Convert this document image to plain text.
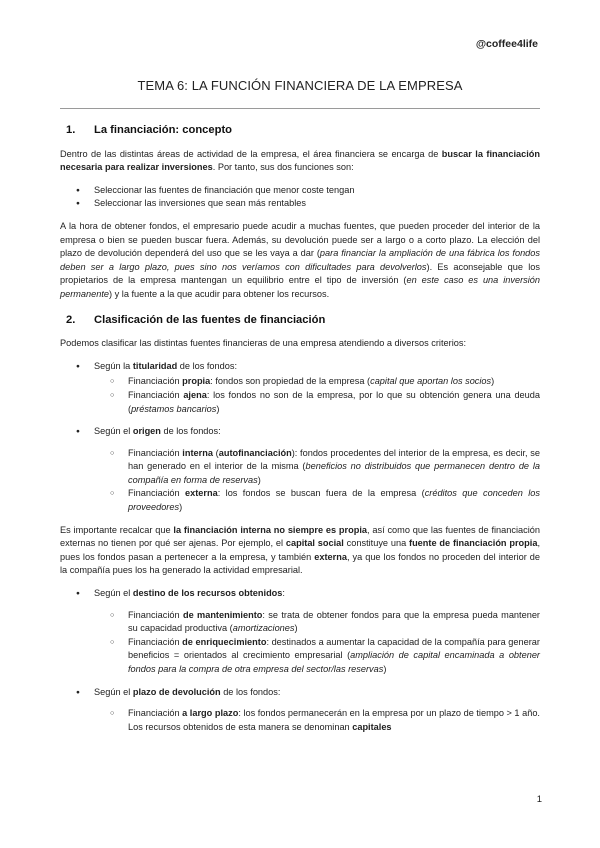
@coffee4life
TEMA 6: LA FUNCIÓN FINANCIERA DE LA EMPRESA
1. La financiación: concepto

Dentro de las distintas áreas de actividad de la empresa, el área financiera se encarga de buscar la financiación necesaria para realizar inversiones. Por tanto, sus dos funciones son:

● Seleccionar las fuentes de financiación que menor coste tengan
● Seleccionar las inversiones que sean más rentables

A la hora de obtener fondos, el empresario puede acudir a muchas fuentes, que pueden proceder del interior de la empresa o bien se pueden buscar fuera. Además, su devolución puede ser a largo o a corto plazo. La elección del plazo de devolución dependerá del uso que se les vaya a dar (para financiar la ampliación de una fábrica los fondos deben ser a largo plazo, pues sino nos veríamos con dificultades para devolverlos). Es aconsejable que los propietarios de la empresa mantengan un equilibrio entre el tipo de inversión (en este caso es una inversión permanente) y la fuente a la que acudir para obtener los recursos.

2. Clasificación de las fuentes de financiación

Podemos clasificar las distintas fuentes financieras de una empresa atendiendo a diversos criterios:

● Según la titularidad de los fondos:
○ Financiación propia: fondos son propiedad de la empresa (capital que aportan los socios)
○ Financiación ajena: los fondos no son de la empresa, por lo que su obtención genera una deuda (préstamos bancarios)
● Según el origen de los fondos:
○ Financiación interna (autofinanciación): fondos procedentes del interior de la empresa, es decir, se han generado en el interior de la misma (beneficios no distribuidos que permanecen dentro de la compañía en forma de reservas)
○ Financiación externa: los fondos se buscan fuera de la empresa (créditos que conceden los proveedores)

Es importante recalcar que la financiación interna no siempre es propia, así como que las fuentes de financiación externas no tienen por qué ser ajenas. Por ejemplo, el capital social constituye una fuente de financiación propia, pues los fondos pasan a pertenecer a la empresa, y también externa, ya que los fondos no proceden del interior de la compañía pues los ha generado la actividad empresarial.

● Según el destino de los recursos obtenidos:
○ Financiación de mantenimiento: se trata de obtener fondos para que la empresa pueda mantener su capacidad productiva (amortizaciones)
○ Financiación de enriquecimiento: destinados a aumentar la capacidad de la compañía para generar beneficios = orientados al crecimiento empresarial (ampliación de capital encaminada a obtener fondos para la compra de otra empresa del sector/las reservas)
● Según el plazo de devolución de los fondos:
○ Financiación a largo plazo: los fondos permanecerán en la empresa por un plazo de tiempo > 1 año. Los recursos obtenidos de esta manera se denominan capitales
1
